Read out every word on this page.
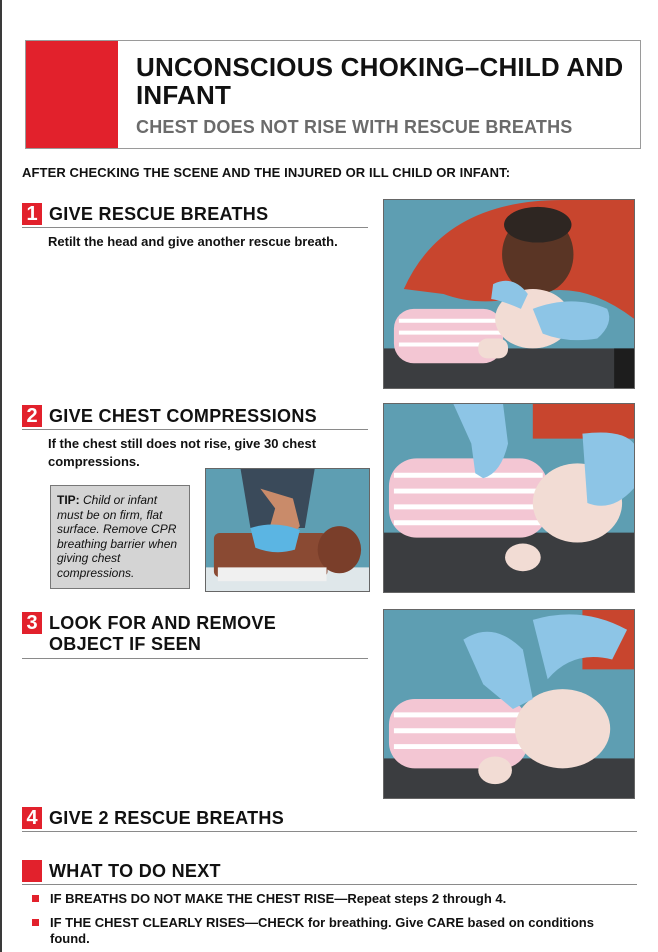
UNCONSCIOUS CHOKING–CHILD AND INFANT
CHEST DOES NOT RISE WITH RESCUE BREATHS
AFTER CHECKING THE SCENE AND THE INJURED OR ILL CHILD OR INFANT:
1 GIVE RESCUE BREATHS
Retilt the head and give another rescue breath.
2 GIVE CHEST COMPRESSIONS
If the chest still does not rise, give 30 chest compressions.
TIP: Child or infant must be on firm, flat surface. Remove CPR breathing barrier when giving chest compressions.
3 LOOK FOR AND REMOVE OBJECT IF SEEN
4 GIVE 2 RESCUE BREATHS
WHAT TO DO NEXT
IF BREATHS DO NOT MAKE THE CHEST RISE—Repeat steps 2 through 4.
IF THE CHEST CLEARLY RISES—CHECK for breathing. Give CARE based on conditions found.
